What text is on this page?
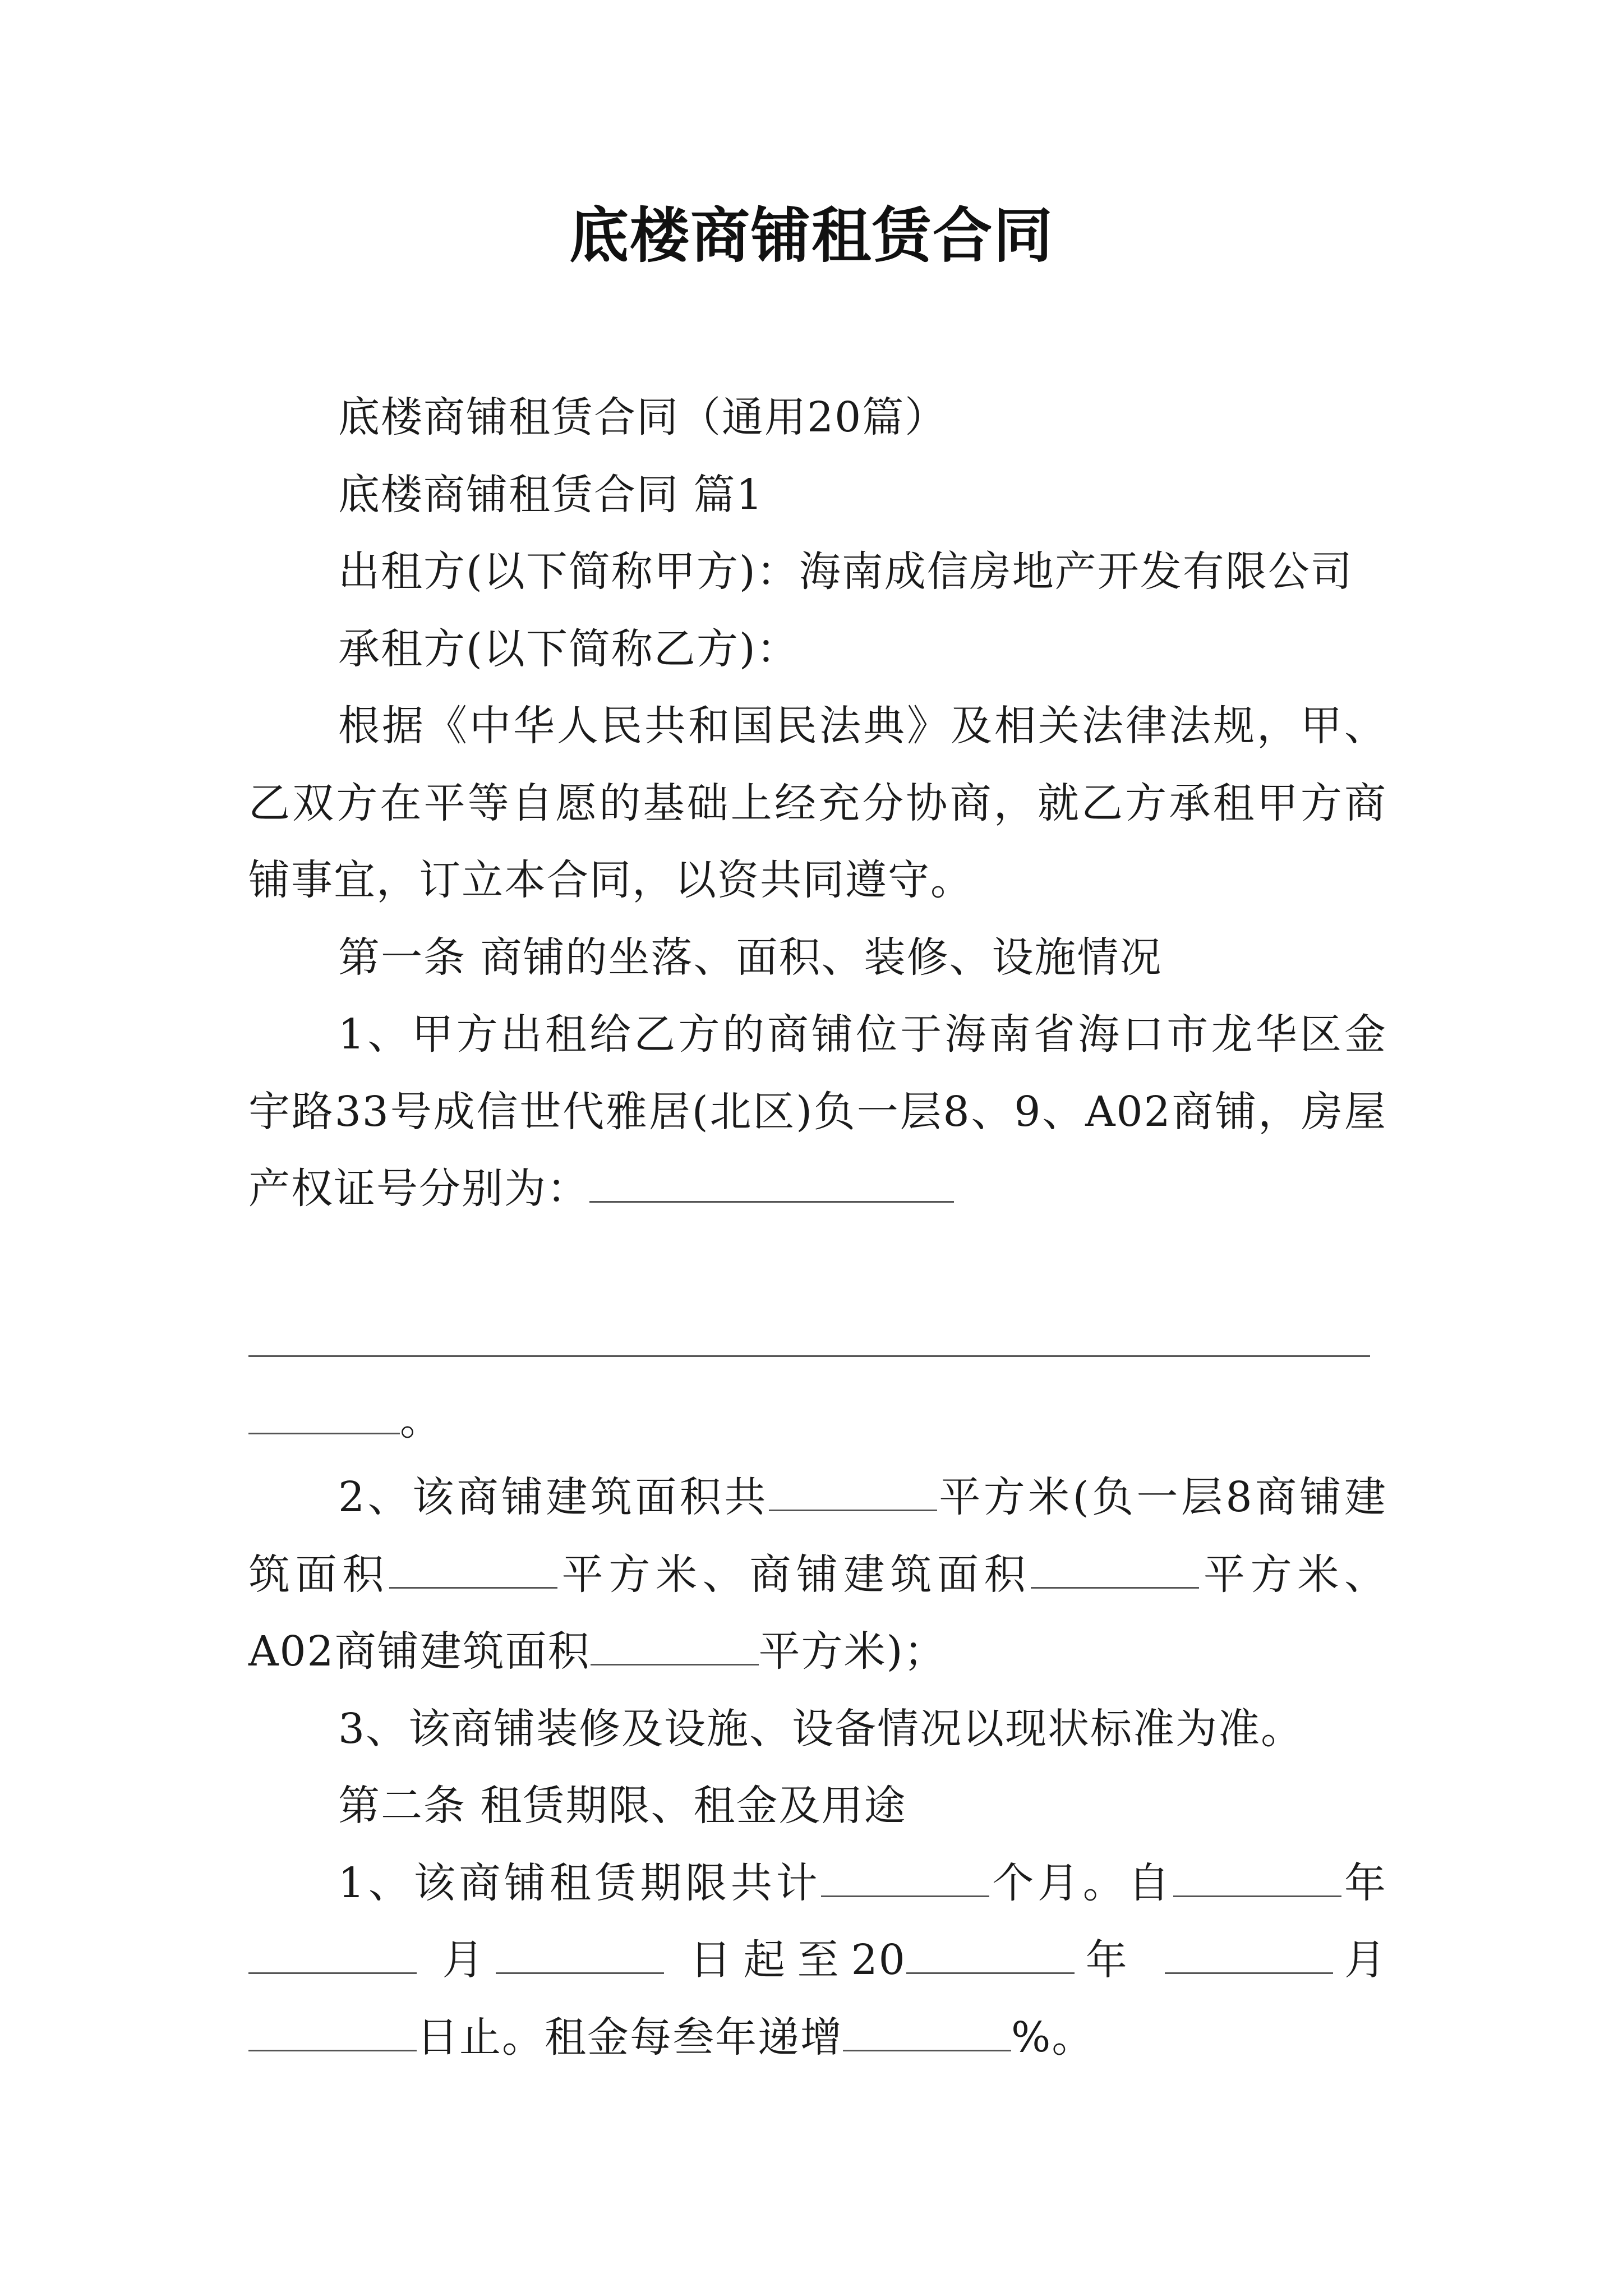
底楼商铺租赁合同

底楼商铺租赁合同（通用20篇）

底楼商铺租赁合同 篇1

出租方(以下简称甲方)：海南成信房地产开发有限公司

承租方(以下简称乙方)：

根据《中华人民共和国民法典》及相关法律法规，甲、乙双方在平等自愿的基础上经充分协商，就乙方承租甲方商铺事宜，订立本合同，以资共同遵守。

第一条 商铺的坐落、面积、装修、设施情况

1、甲方出租给乙方的商铺位于海南省海口市龙华区金宇路33号成信世代雅居(北区)负一层8、9、A02商铺，房屋产权证号分别为：

。

2、该商铺建筑面积共	平方米(负一层8商铺建筑面积	平方米、商铺建筑面积	平方米、A02商铺建筑面积	平方米)；

3、该商铺装修及设施、设备情况以现状标准为准。

第二条 租赁期限、租金及用途

1、该商铺租赁期限共计	个月。自	年 月	日起至20	年	月日止。租金每叁年递增	%。
